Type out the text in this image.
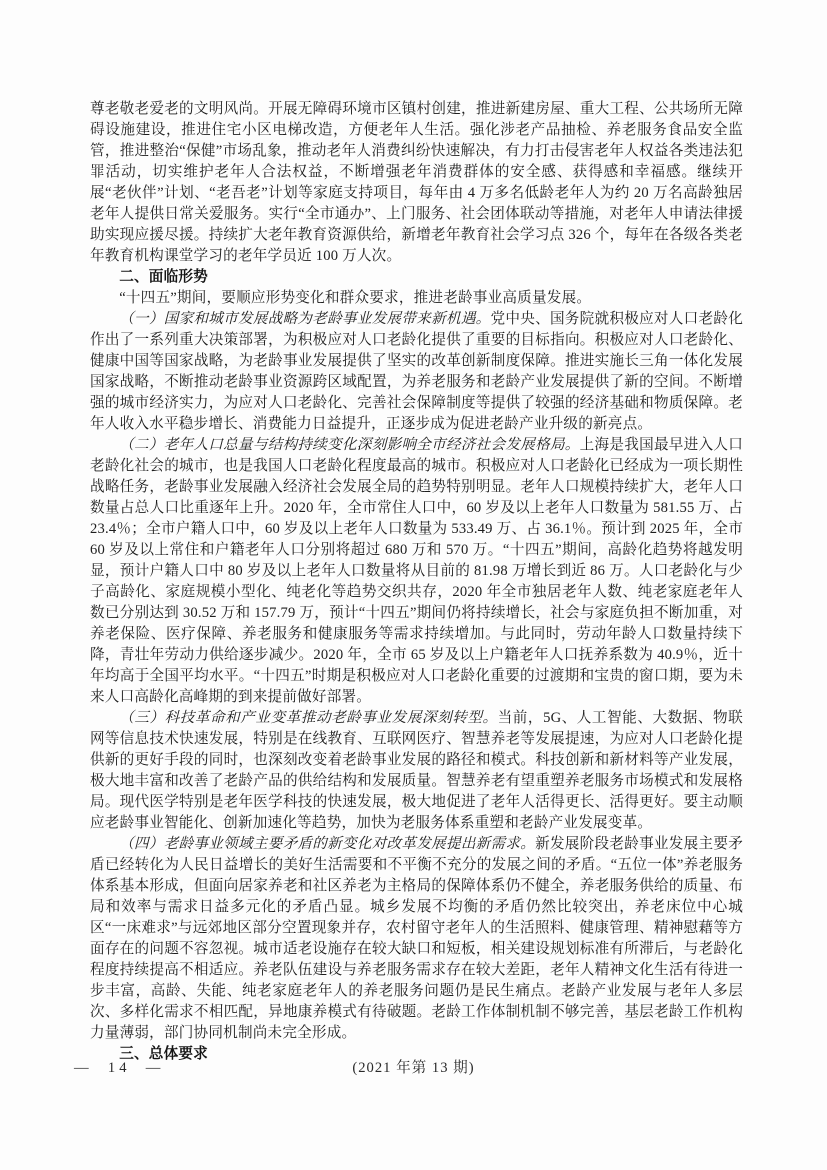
尊老敬老爱老的文明风尚。开展无障碍环境市区镇村创建，推进新建房屋、重大工程、公共场所无障碍设施建设，推进住宅小区电梯改造，方便老年人生活。强化涉老产品抽检、养老服务食品安全监管，推进整治“保健”市场乱象，推动老年人消费纠纷快速解决，有力打击侵害老年人权益各类违法犯罪活动，切实维护老年人合法权益，不断增强老年消费群体的安全感、获得感和幸福感。继续开展“老伙伴”计划、“老吾老”计划等家庭支持项目，每年由 4 万多名低龄老年人为约 20 万名高龄独居老年人提供日常关爱服务。实行“全市通办”、上门服务、社会团体联动等措施，对老年人申请法律援助实现应援尽援。持续扩大老年教育资源供给，新增老年教育社会学习点 326 个，每年在各级各类老年教育机构课堂学习的老年学员近 100 万人次。

二、面临形势

“十四五”期间，要顺应形势变化和群众要求，推进老龄事业高质量发展。

（一）国家和城市发展战略为老龄事业发展带来新机遇。党中央、国务院就积极应对人口老龄化作出了一系列重大决策部署，为积极应对人口老龄化提供了重要的目标指向。积极应对人口老龄化、健康中国等国家战略，为老龄事业发展提供了坚实的改革创新制度保障。推进实施长三角一体化发展国家战略，不断推动老龄事业资源跨区域配置，为养老服务和老龄产业发展提供了新的空间。不断增强的城市经济实力，为应对人口老龄化、完善社会保障制度等提供了较强的经济基础和物质保障。老年人收入水平稳步增长、消费能力日益提升，正逐步成为促进老龄产业升级的新亮点。

（二）老年人口总量与结构持续变化深刻影响全市经济社会发展格局。上海是我国最早进入人口老龄化社会的城市，也是我国人口老龄化程度最高的城市。积极应对人口老龄化已经成为一项长期性战略任务，老龄事业发展融入经济社会发展全局的趋势特别明显。老年人口规模持续扩大，老年人口数量占总人口比重逐年上升。2020 年，全市常住人口中，60 岁及以上老年人口数量为 581.55 万、占 23.4％；全市户籍人口中，60 岁及以上老年人口数量为 533.49 万、占 36.1％。预计到 2025 年，全市 60 岁及以上常住和户籍老年人口分别将超过 680 万和 570 万。“十四五”期间，高龄化趋势将越发明显，预计户籍人口中 80 岁及以上老年人口数量将从目前的 81.98 万增长到近 86 万。人口老龄化与少子高龄化、家庭规模小型化、纯老化等趋势交织共存，2020 年全市独居老年人数、纯老家庭老年人数已分别达到 30.52 万和 157.79 万，预计“十四五”期间仍将持续增长，社会与家庭负担不断加重，对养老保险、医疗保障、养老服务和健康服务等需求持续增加。与此同时，劳动年龄人口数量持续下降，青壮年劳动力供给逐步减少。2020 年，全市 65 岁及以上户籍老年人口抚养系数为 40.9％，近十年均高于全国平均水平。“十四五”时期是积极应对人口老龄化重要的过渡期和宝贵的窗口期，要为未来人口高龄化高峰期的到来提前做好部署。

（三）科技革命和产业变革推动老龄事业发展深刻转型。当前，5G、人工智能、大数据、物联网等信息技术快速发展，特别是在线教育、互联网医疗、智慧养老等发展提速，为应对人口老龄化提供新的更好手段的同时，也深刻改变着老龄事业发展的路径和模式。科技创新和新材料等产业发展，极大地丰富和改善了老龄产品的供给结构和发展质量。智慧养老有望重塑养老服务市场模式和发展格局。现代医学特别是老年医学科技的快速发展，极大地促进了老年人活得更长、活得更好。要主动顺应老龄事业智能化、创新加速化等趋势，加快为老服务体系重塑和老龄产业发展变革。

（四）老龄事业领域主要矛盾的新变化对改革发展提出新需求。新发展阶段老龄事业发展主要矛盾已经转化为人民日益增长的美好生活需要和不平衡不充分的发展之间的矛盾。“五位一体”养老服务体系基本形成，但面向居家养老和社区养老为主格局的保障体系仍不健全，养老服务供给的质量、布局和效率与需求日益多元化的矛盾凸显。城乡发展不均衡的矛盾仍然比较突出，养老床位中心城区“一床难求”与远郊地区部分空置现象并存，农村留守老年人的生活照料、健康管理、精神慰藉等方面存在的问题不容忽视。城市适老设施存在较大缺口和短板，相关建设规划标准有所滞后，与老龄化程度持续提高不相适应。养老队伍建设与养老服务需求存在较大差距，老年人精神文化生活有待进一步丰富，高龄、失能、纯老家庭老年人的养老服务问题仍是民生痛点。老龄产业发展与老年人多层次、多样化需求不相匹配，异地康养模式有待破题。老龄工作体制机制不够完善，基层老龄工作机构力量薄弱，部门协同机制尚未完全形成。

三、总体要求
—  14  —	(2021 年第 13 期)
